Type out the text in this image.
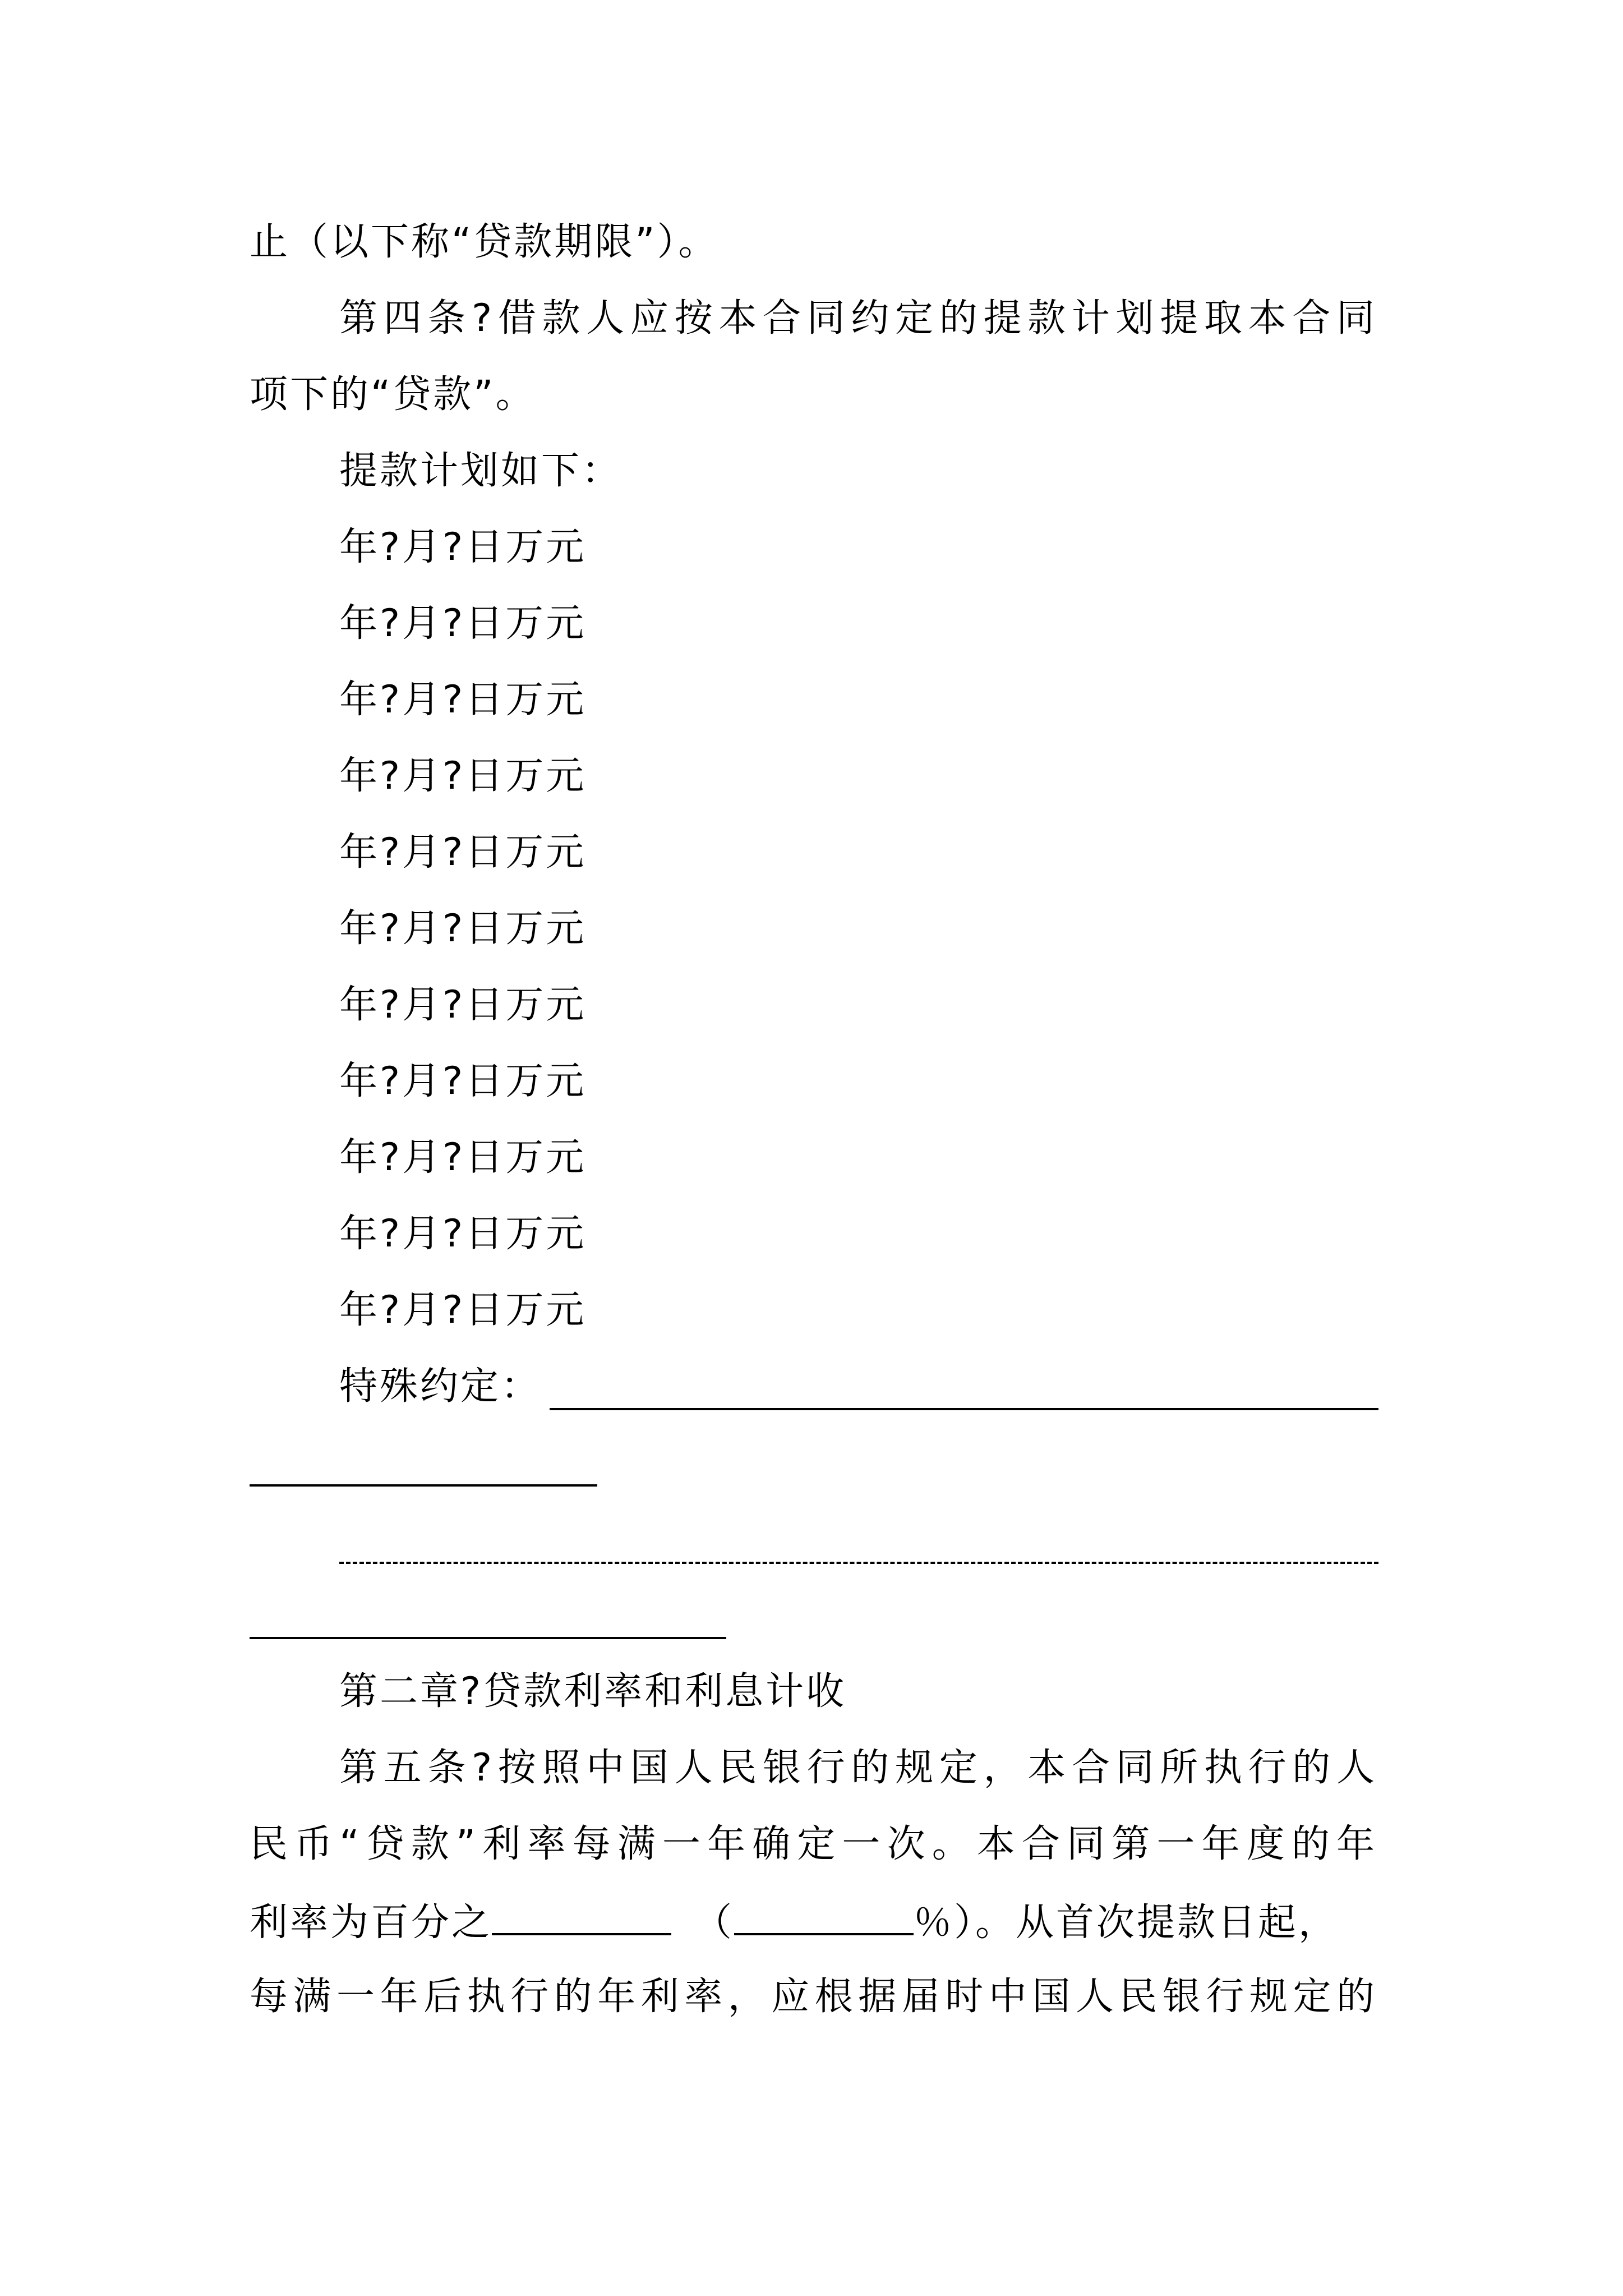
止（以下称“贷款期限”）。
第四条?借款人应按本合同约定的提款计划提取本合同
项下的“贷款”。
提款计划如下：
年?月?日万元
年?月?日万元
年?月?日万元
年?月?日万元
年?月?日万元
年?月?日万元
年?月?日万元
年?月?日万元
年?月?日万元
年?月?日万元
年?月?日万元
特殊约定：
第二章?贷款利率和利息计收
第五条?按照中国人民银行的规定，本合同所执行的人
民币“贷款”利率每满一年确定一次。本合同第一年度的年
利率为百分之	（	％）。从首次提款日起，
每满一年后执行的年利率，应根据届时中国人民银行规定的
